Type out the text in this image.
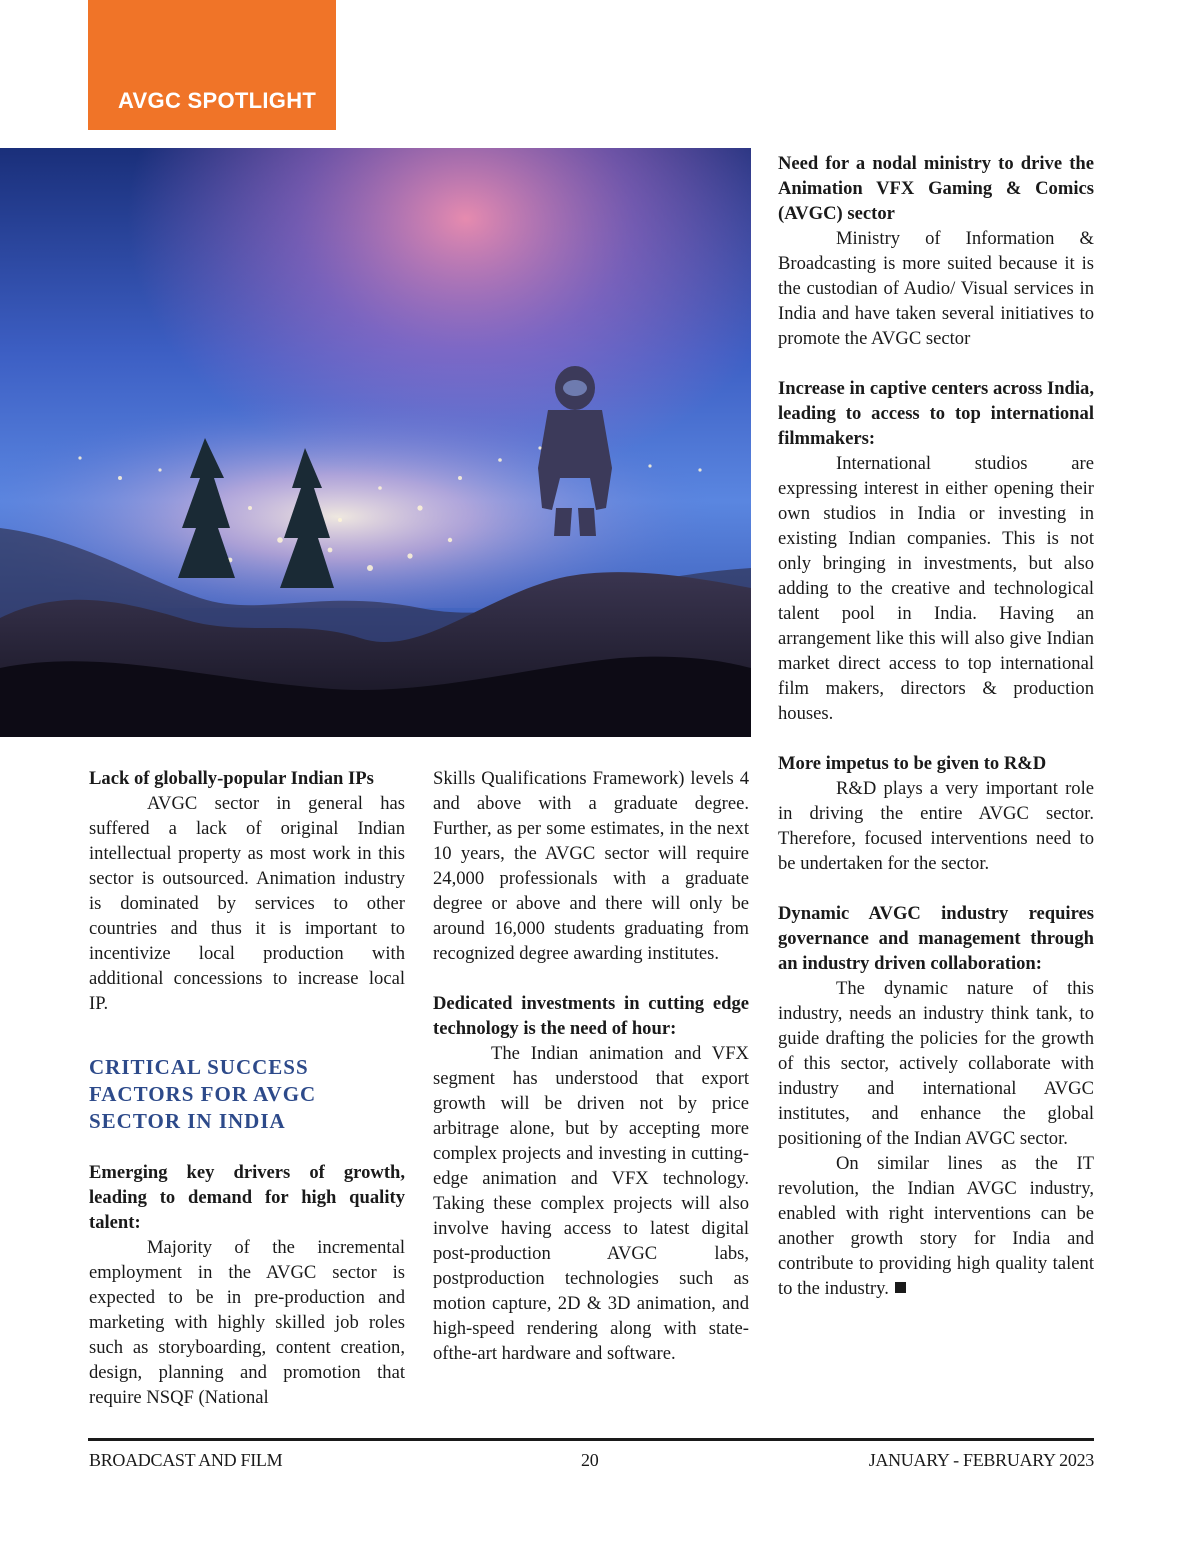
AVGC SPOTLIGHT
Lack of globally-popular Indian IPs

AVGC sector in general has suffered a lack of original Indian intellectual property as most work in this sector is outsourced. Animation industry is dominated by services to other countries and thus it is important to incentivize local production with additional concessions to increase local IP.

CRITICAL SUCCESS FACTORS FOR AVGC SECTOR IN INDIA
Emerging key drivers of growth, leading to demand for high quality talent:

Majority of the incremental employment in the AVGC sector is expected to be in pre-production and marketing with highly skilled job roles such as storyboarding, content creation, design, planning and promotion that require NSQF (National

Skills Qualifications Framework) levels 4 and above with a graduate degree. Further, as per some estimates, in the next 10 years, the AVGC sector will require 24,000 professionals with a graduate degree or above and there will only be around 16,000 students graduating from recognized degree awarding institutes.

Dedicated investments in cutting edge technology is the need of hour:

The Indian animation and VFX segment has understood that export growth will be driven not by price arbitrage alone, but by accepting more complex projects and investing in cutting-edge animation and VFX technology. Taking these complex projects will also involve having access to latest digital post-production AVGC labs, postproduction technologies such as motion capture, 2D & 3D animation, and high-speed rendering along with state-ofthe-art hardware and software.

Need for a nodal ministry to drive the Animation VFX Gaming & Comics (AVGC) sector

Ministry of Information & Broadcasting is more suited because it is the custodian of Audio/ Visual services in India and have taken several initiatives to promote the AVGC sector

Increase in captive centers across India, leading to access to top international filmmakers:

International studios are expressing interest in either opening their own studios in India or investing in existing Indian companies. This is not only bringing in investments, but also adding to the creative and technological talent pool in India. Having an arrangement like this will also give Indian market direct access to top international film makers, directors & production houses.

More impetus to be given to R&D

R&D plays a very important role in driving the entire AVGC sector. Therefore, focused interventions need to be undertaken for the sector.

Dynamic AVGC industry requires governance and management through an industry driven collaboration:

The dynamic nature of this industry, needs an industry think tank, to guide drafting the policies for the growth of this sector, actively collaborate with industry and international AVGC institutes, and enhance the global positioning of the Indian AVGC sector.

On similar lines as the IT revolution, the Indian AVGC industry, enabled with right interventions can be another growth story for India and contribute to providing high quality talent to the industry.

BROADCAST AND FILM	20	JANUARY - FEBRUARY 2023
